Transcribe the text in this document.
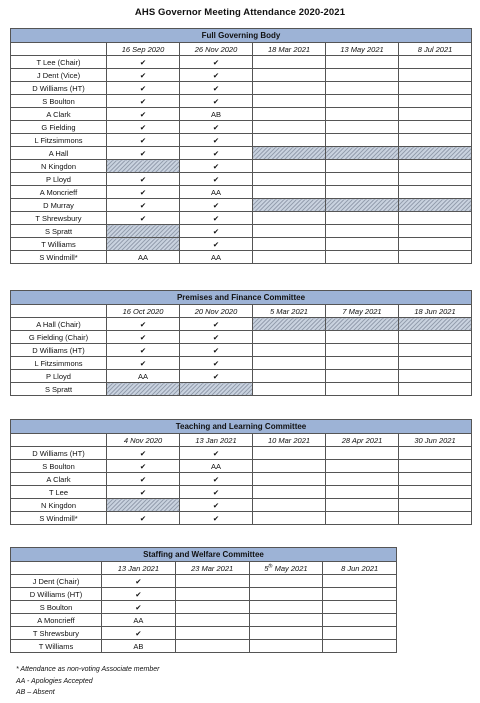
AHS Governor Meeting Attendance 2020-2021
Full Governing Body					
	16 Sep 2020	26 Nov 2020	18 Mar 2021	13 May 2021	8 Jul 2021
T Lee (Chair)	✔	✔			
J Dent (Vice)	✔	✔			
D Williams (HT)	✔	✔			
S Boulton	✔	✔			
A Clark	✔	AB			
G Fielding	✔	✔			
L Fitzsimmons	✔	✔			
A Hall	✔	✔			
N Kingdon		✔			
P Lloyd	✔	✔			
A Moncrieff	✔	AA			
D Murray	✔	✔			
T Shrewsbury	✔	✔			
S Spratt		✔			
T Williams		✔			
S Windmill*	AA	AA			
Premises and Finance Committee					
	16 Oct 2020	20 Nov 2020	5 Mar 2021	7 May 2021	18 Jun 2021
A Hall (Chair)	✔	✔			
G Fielding (Chair)	✔	✔			
D Williams (HT)	✔	✔			
L Fitzsimmons	✔	✔			
P Lloyd	AA	✔			
S Spratt					
Teaching and Learning Committee					
	4 Nov 2020	13 Jan 2021	10 Mar 2021	28 Apr 2021	30 Jun 2021
D Williams (HT)	✔	✔			
S Boulton	✔	AA			
A Clark	✔	✔			
T Lee	✔	✔			
N Kingdon		✔			
S Windmill*	✔	✔			
Staffing and Welfare Committee				
	13 Jan 2021	23 Mar 2021	5th May 2021	8 Jun 2021
J Dent (Chair)	✔			
D Williams (HT)	✔			
S Boulton	✔			
A Moncrieff	AA			
T Shrewsbury	✔			
T Williams	AB			
* Attendance as non-voting Associate member
AA - Apologies Accepted
AB – Absent
